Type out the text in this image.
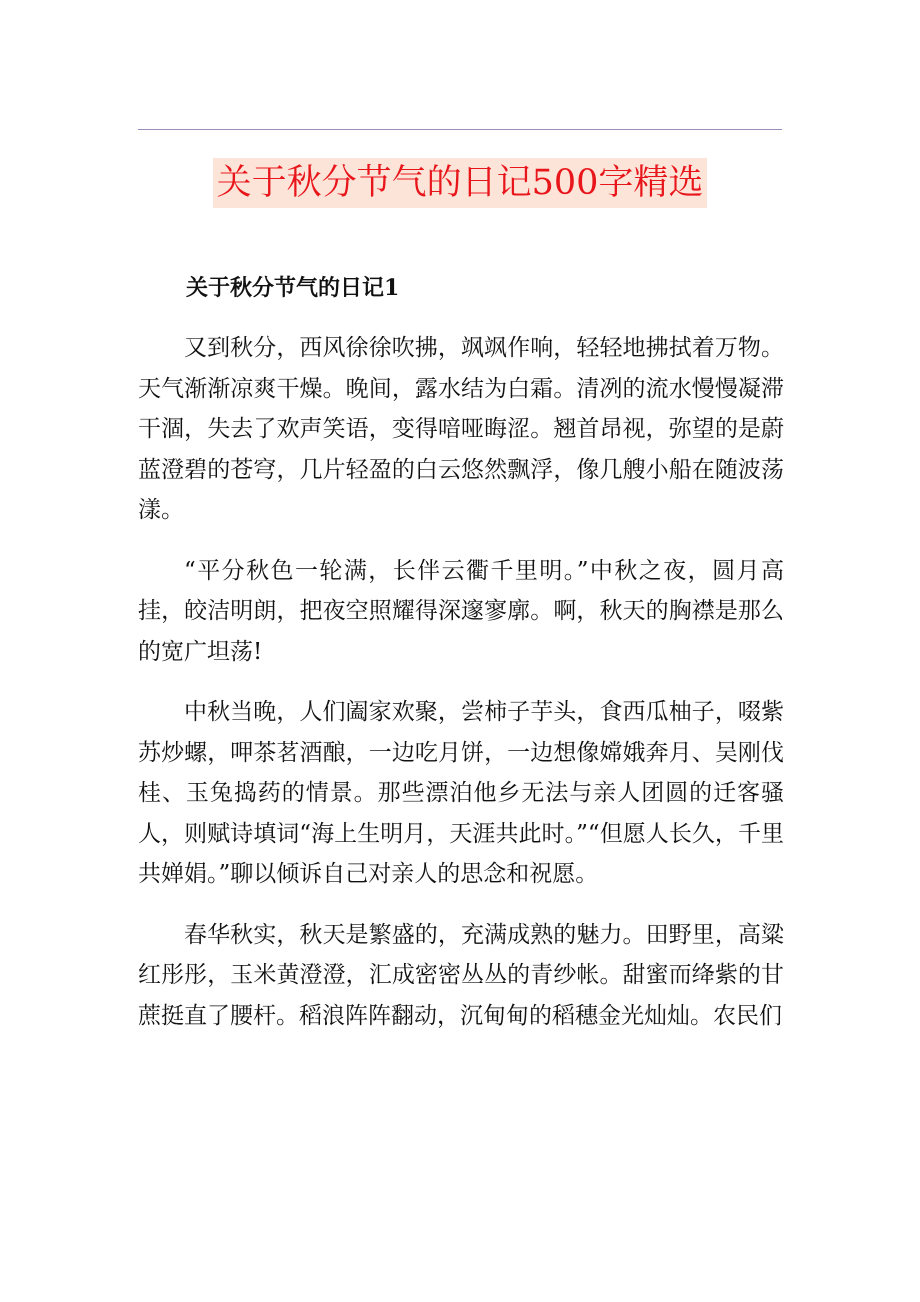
关于秋分节气的日记500字精选

关于秋分节气的日记1

又到秋分，西风徐徐吹拂，飒飒作响，轻轻地拂拭着万物。天气渐渐凉爽干燥。晚间，露水结为白霜。清冽的流水慢慢凝滞干涸，失去了欢声笑语，变得喑哑晦涩。翘首昂视，弥望的是蔚蓝澄碧的苍穹，几片轻盈的白云悠然飘浮，像几艘小船在随波荡漾。

“平分秋色一轮满，长伴云衢千里明。”中秋之夜，圆月高挂，皎洁明朗，把夜空照耀得深邃寥廓。啊，秋天的胸襟是那么的宽广坦荡!

中秋当晚，人们阖家欢聚，尝柿子芋头，食西瓜柚子，啜紫苏炒螺，呷茶茗酒酿，一边吃月饼，一边想像嫦娥奔月、吴刚伐桂、玉兔捣药的情景。那些漂泊他乡无法与亲人团圆的迁客骚人，则赋诗填词“海上生明月，天涯共此时。”“但愿人长久，千里共婵娟。”聊以倾诉自己对亲人的思念和祝愿。

春华秋实，秋天是繁盛的，充满成熟的魅力。田野里，高粱红彤彤，玉米黄澄澄，汇成密密丛丛的青纱帐。甜蜜而绛紫的甘蔗挺直了腰杆。稻浪阵阵翻动，沉甸甸的稻穗金光灿灿。农民们
